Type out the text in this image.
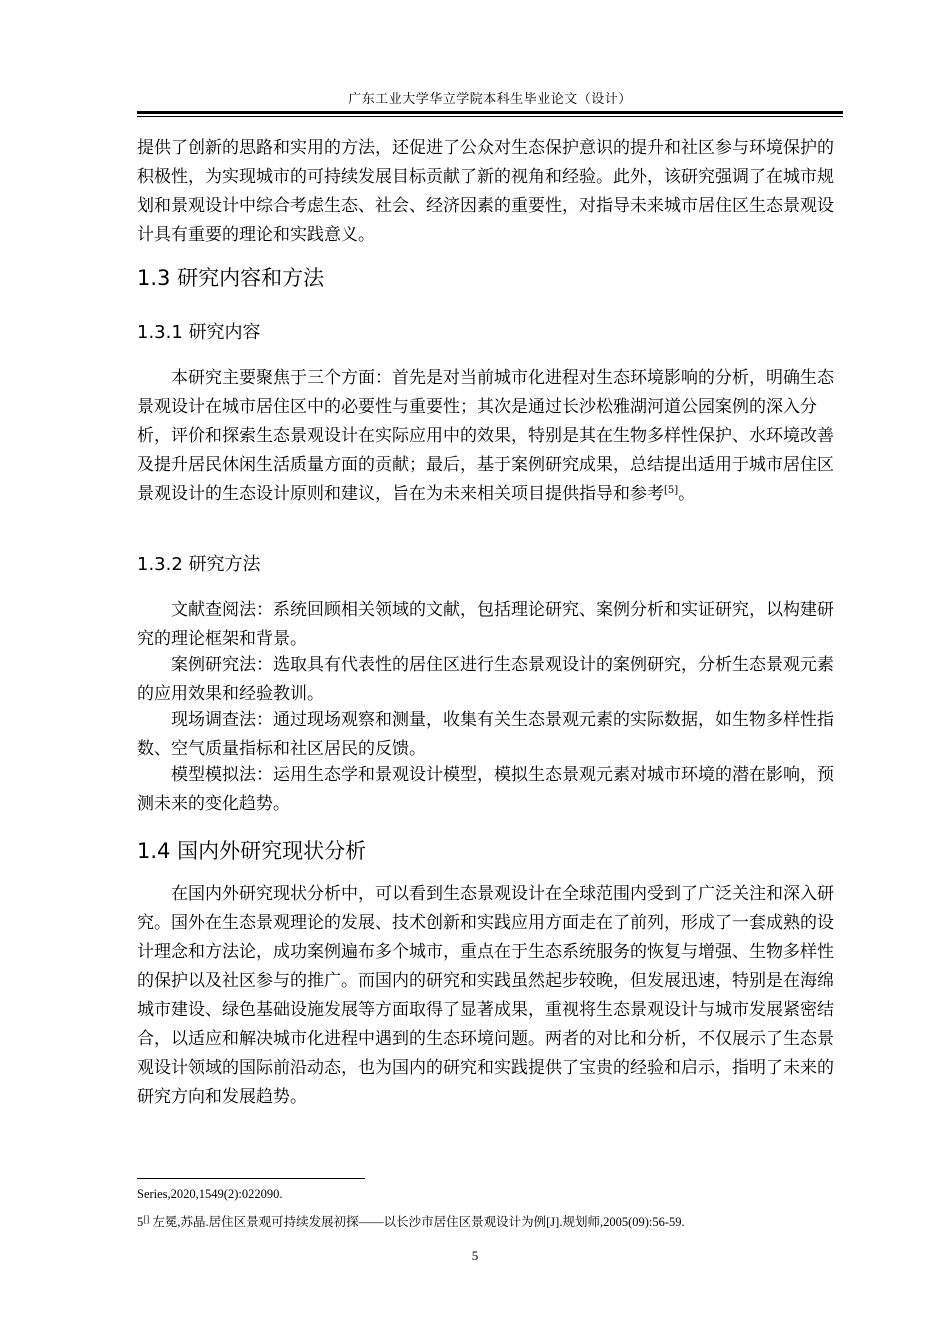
广东工业大学华立学院本科生毕业论文（设计）

提供了创新的思路和实用的方法，还促进了公众对生态保护意识的提升和社区参与环境保护的积极性，为实现城市的可持续发展目标贡献了新的视角和经验。此外，该研究强调了在城市规划和景观设计中综合考虑生态、社会、经济因素的重要性，对指导未来城市居住区生态景观设计具有重要的理论和实践意义。

1.3 研究内容和方法
1.3.1 研究内容

本研究主要聚焦于三个方面：首先是对当前城市化进程对生态环境影响的分析，明确生态景观设计在城市居住区中的必要性与重要性；其次是通过长沙松雅湖河道公园案例的深入分析，评价和探索生态景观设计在实际应用中的效果，特别是其在生物多样性保护、水环境改善及提升居民休闲生活质量方面的贡献；最后，基于案例研究成果，总结提出适用于城市居住区景观设计的生态设计原则和建议，旨在为未来相关项目提供指导和参考[5]。

1.3.2 研究方法

文献查阅法：系统回顾相关领域的文献，包括理论研究、案例分析和实证研究，以构建研究的理论框架和背景。

案例研究法：选取具有代表性的居住区进行生态景观设计的案例研究，分析生态景观元素的应用效果和经验教训。

现场调查法：通过现场观察和测量，收集有关生态景观元素的实际数据，如生物多样性指数、空气质量指标和社区居民的反馈。

模型模拟法：运用生态学和景观设计模型，模拟生态景观元素对城市环境的潜在影响，预测未来的变化趋势。

1.4 国内外研究现状分析

在国内外研究现状分析中，可以看到生态景观设计在全球范围内受到了广泛关注和深入研究。国外在生态景观理论的发展、技术创新和实践应用方面走在了前列，形成了一套成熟的设计理念和方法论，成功案例遍布多个城市，重点在于生态系统服务的恢复与增强、生物多样性的保护以及社区参与的推广。而国内的研究和实践虽然起步较晚，但发展迅速，特别是在海绵城市建设、绿色基础设施发展等方面取得了显著成果，重视将生态景观设计与城市发展紧密结合，以适应和解决城市化进程中遇到的生态环境问题。两者的对比和分析，不仅展示了生态景观设计领域的国际前沿动态，也为国内的研究和实践提供了宝贵的经验和启示，指明了未来的研究方向和发展趋势。

Series,2020,1549(2):022090.

5[] 左冕,苏晶.居住区景观可持续发展初探——以长沙市居住区景观设计为例[J].规划师,2005(09):56-59.

5
